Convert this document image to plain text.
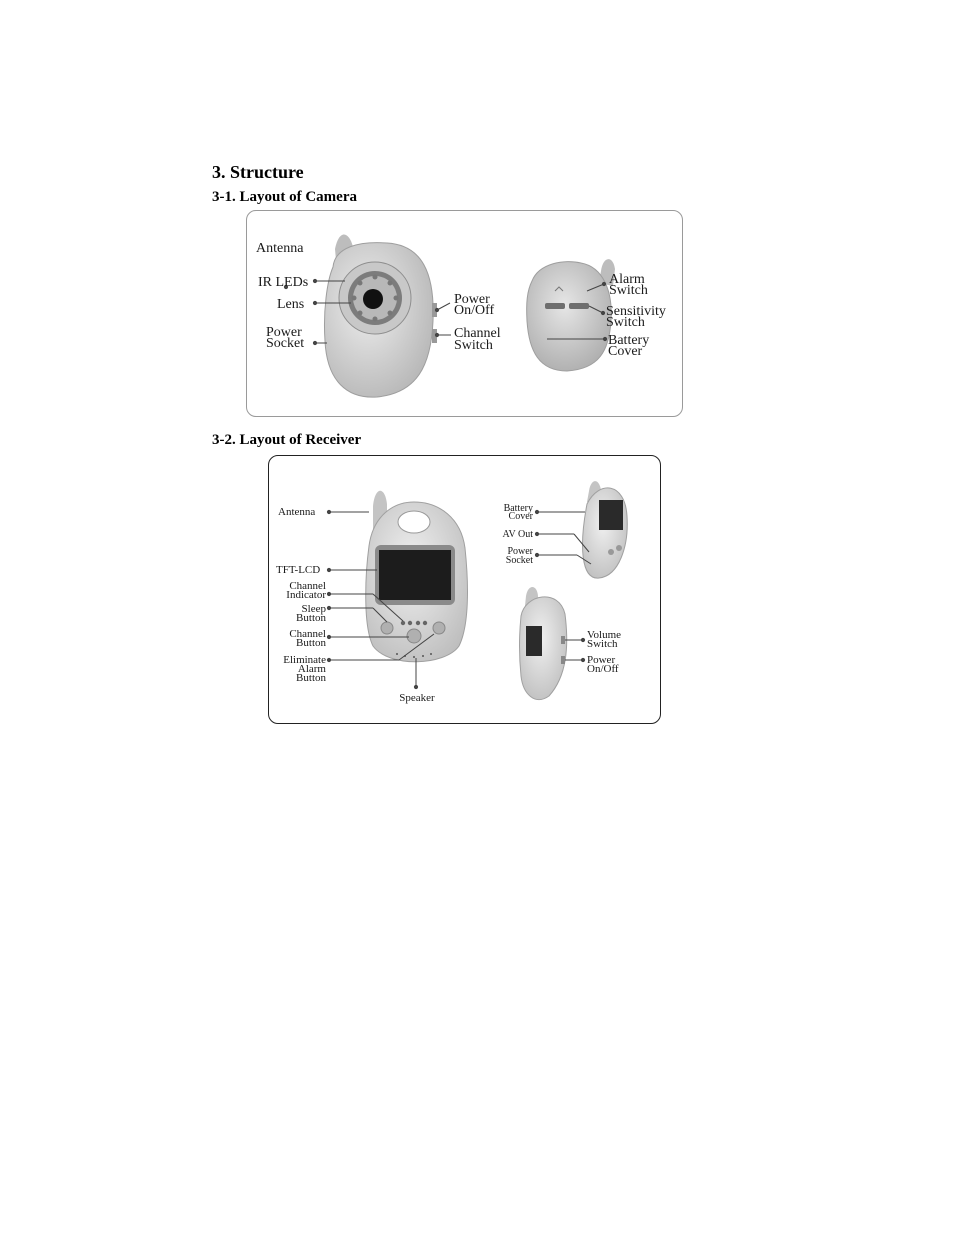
3. Structure
3-1. Layout of Camera
Antenna
IR LEDs
Lens
Power
Socket
Power
On/Off
Channel
Switch
Alarm
Switch
Sensitivity
Switch
Battery
Cover
3-2. Layout of Receiver
Antenna
TFT-LCD
Channel
Indicator
Sleep
Button
Channel
Button
Eliminate
Alarm
Button
Speaker
Battery
Cover
AV Out
Power
Socket
Volume
Switch
Power
On/Off
